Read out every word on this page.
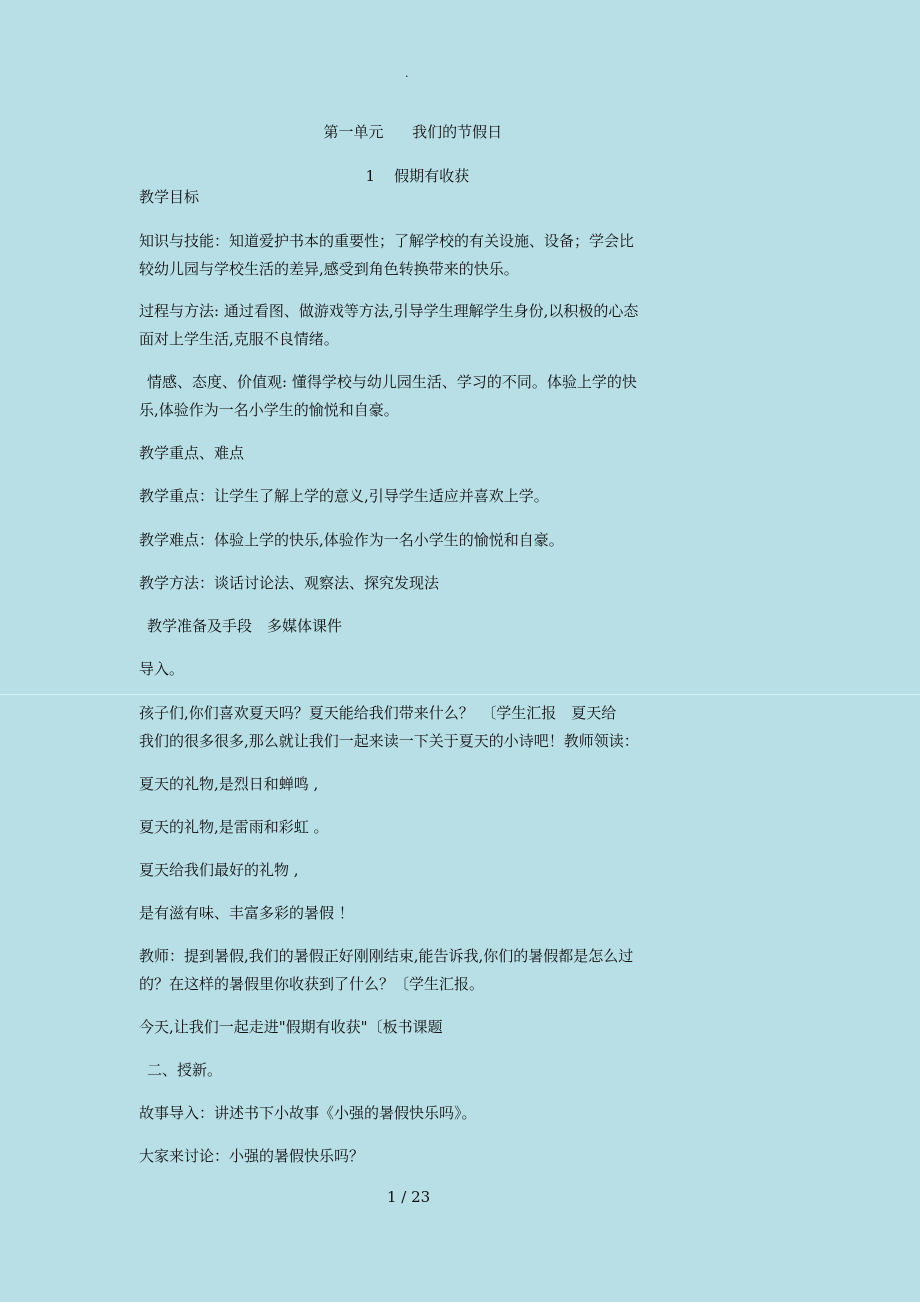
.

第一单元 我们的节假日

1 假期有收获

教学目标
知识与技能：知道爱护书本的重要性；了解学校的有关设施、设备；学会比
较幼儿园与学校生活的差异,感受到角色转换带来的快乐。
过程与方法: 通过看图、做游戏等方法,引导学生理解学生身份,以积极的心态
面对上学生活,克服不良情绪。
情感、态度、价值观: 懂得学校与幼儿园生活、学习的不同。体验上学的快
乐,体验作为一名小学生的愉悦和自豪。
教学重点、难点
教学重点：让学生了解上学的意义,引导学生适应并喜欢上学。
教学难点：体验上学的快乐,体验作为一名小学生的愉悦和自豪。
教学方法：谈话讨论法、观察法、探究发现法
教学准备及手段　多媒体课件
导入。
孩子们,你们喜欢夏天吗？夏天能给我们带来什么？　〔学生汇报　夏天给
我们的很多很多,那么就让我们一起来读一下关于夏天的小诗吧！教师领读：
夏天的礼物,是烈日和蝉鸣 ,
夏天的礼物,是雷雨和彩虹 。
夏天给我们最好的礼物 ,
是有滋有味、丰富多彩的暑假 ！
教师：提到暑假,我们的暑假正好刚刚结束,能告诉我,你们的暑假都是怎么过
的？在这样的暑假里你收获到了什么？〔学生汇报。
今天,让我们一起走进"假期有收获"〔板书课题
二、授新。
故事导入：讲述书下小故事《小强的暑假快乐吗》。
大家来讨论：小强的暑假快乐吗？
1 / 23
